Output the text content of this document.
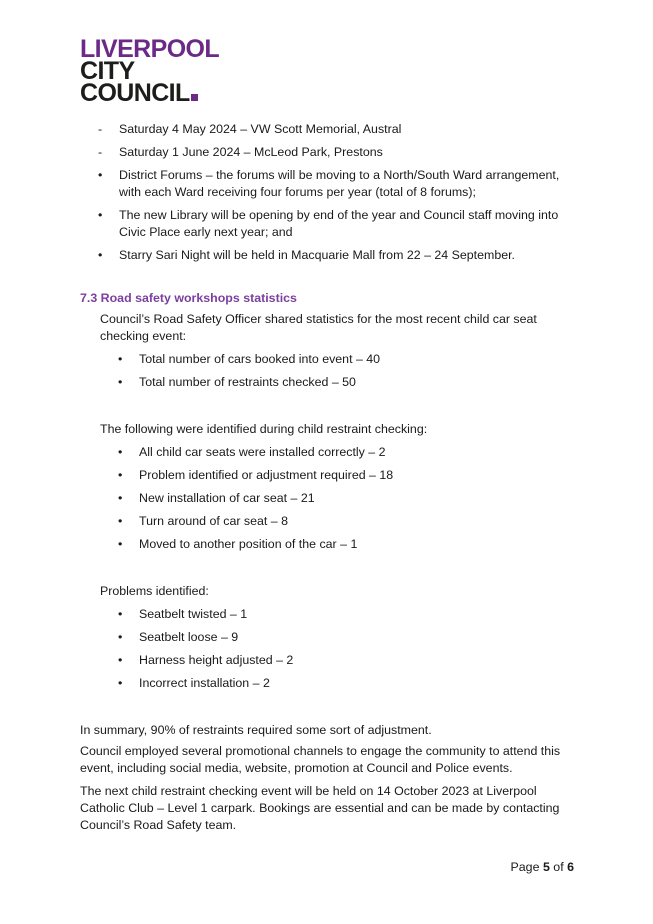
LIVERPOOL
CITY
COUNCIL
- Saturday 4 May 2024 – VW Scott Memorial, Austral
- Saturday 1 June 2024 – McLeod Park, Prestons
• District Forums – the forums will be moving to a North/South Ward arrangement, with each Ward receiving four forums per year (total of 8 forums);
• The new Library will be opening by end of the year and Council staff moving into Civic Place early next year; and
• Starry Sari Night will be held in Macquarie Mall from 22 – 24 September.
7.3 Road safety workshops statistics
Council’s Road Safety Officer shared statistics for the most recent child car seat checking event:
• Total number of cars booked into event – 40
• Total number of restraints checked – 50
The following were identified during child restraint checking:
• All child car seats were installed correctly – 2
• Problem identified or adjustment required – 18
• New installation of car seat – 21
• Turn around of car seat – 8
• Moved to another position of the car – 1
Problems identified:
• Seatbelt twisted – 1
• Seatbelt loose – 9
• Harness height adjusted – 2
• Incorrect installation – 2
In summary, 90% of restraints required some sort of adjustment.
Council employed several promotional channels to engage the community to attend this event, including social media, website, promotion at Council and Police events.
The next child restraint checking event will be held on 14 October 2023 at Liverpool Catholic Club – Level 1 carpark. Bookings are essential and can be made by contacting Council’s Road Safety team.
Page 5 of 6
